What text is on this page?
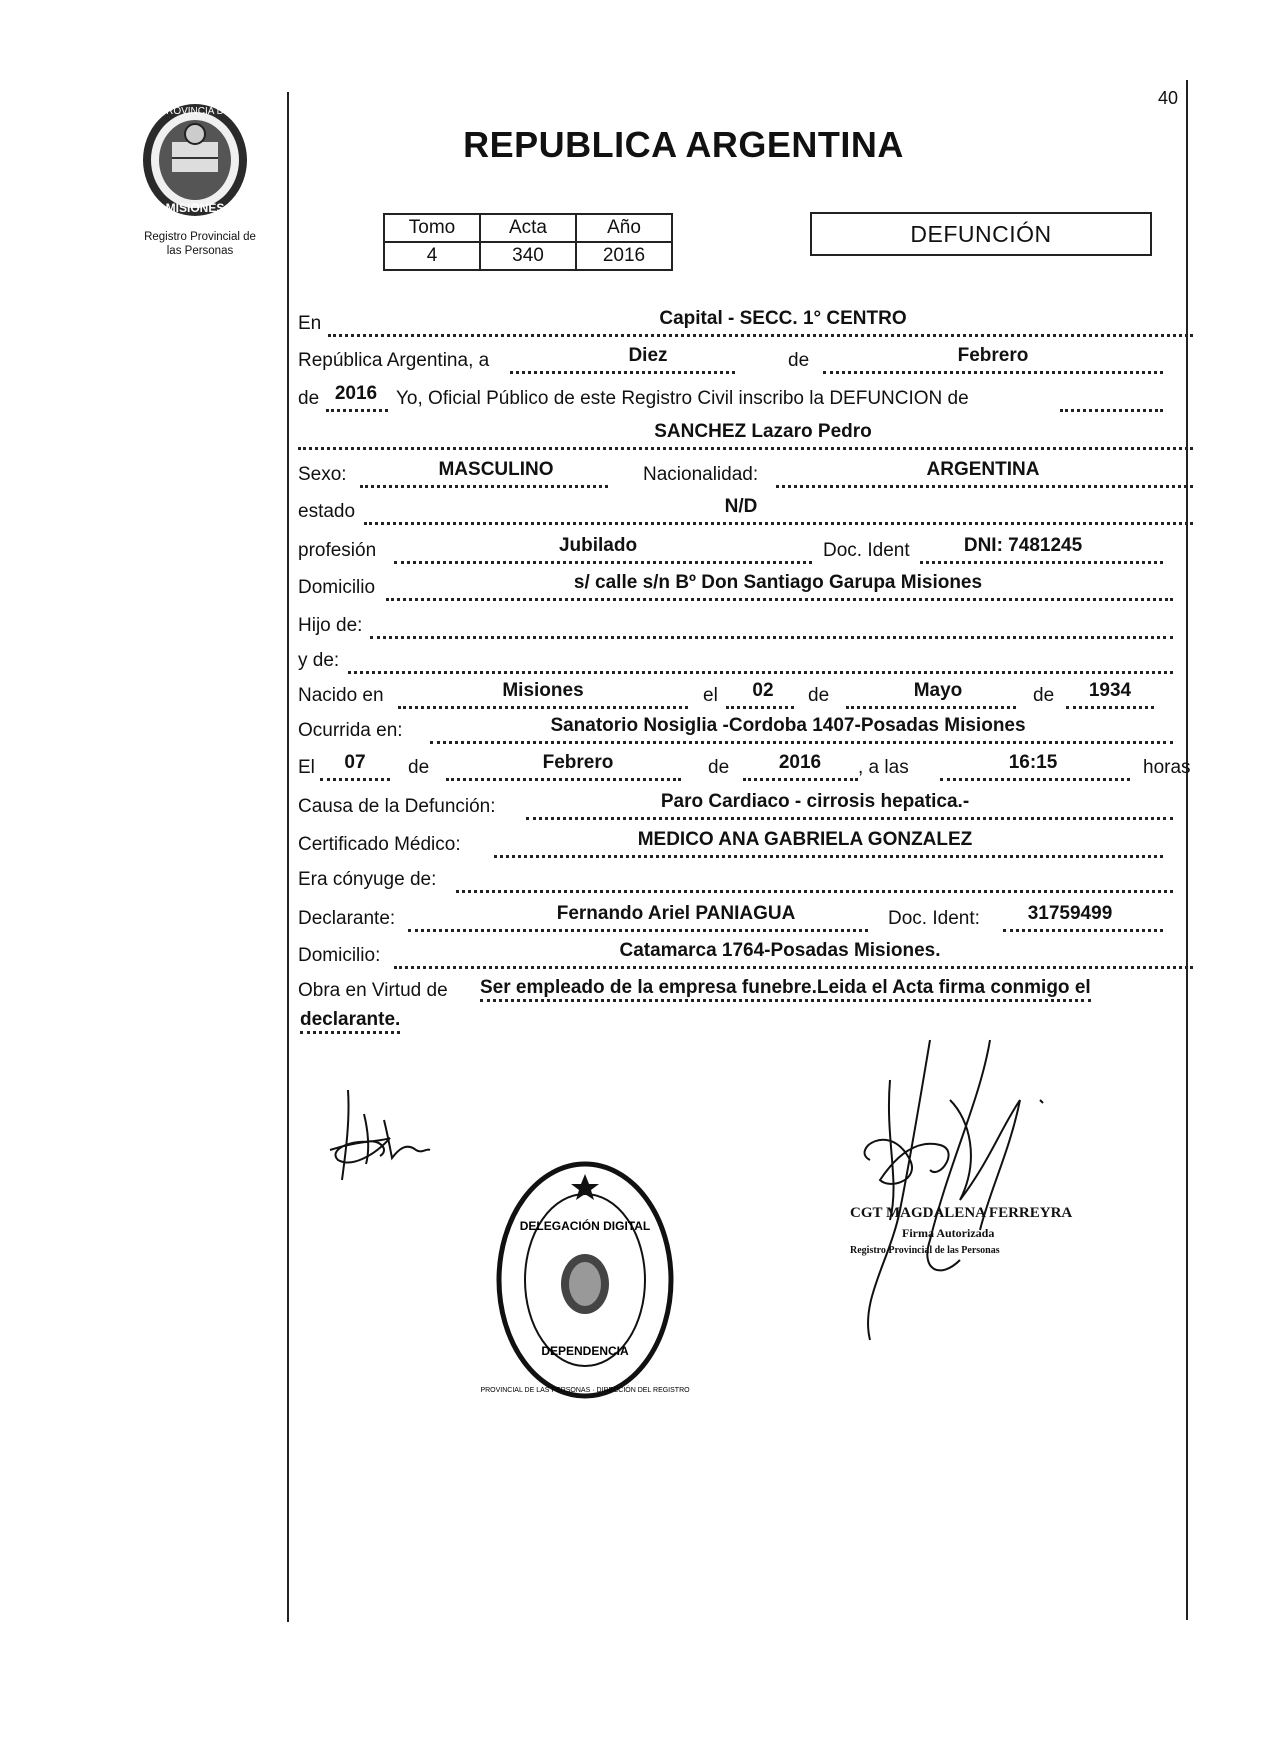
40
PROVINCIA DE
MISIONES
Registro Provincial de
las Personas
REPUBLICA ARGENTINA
Tomo	Acta	Año
4	340	2016
DEFUNCIÓN
En	Capital - SECC. 1° CENTRO
República Argentina, a	Diez	de	Febrero
de 2016 Yo, Oficial Público de este Registro Civil inscribo la DEFUNCION de
SANCHEZ Lazaro Pedro
Sexo:	MASCULINO	Nacionalidad:	ARGENTINA
estado	N/D
profesión	Jubilado	Doc. Ident	DNI: 7481245
Domicilio	s/ calle s/n Bº Don Santiago Garupa Misiones
Hijo de:
y de:
Nacido en	Misiones	el 02 de	Mayo	de 1934
Ocurrida en:	Sanatorio Nosiglia -Cordoba 1407-Posadas Misiones
El 07 de	Febrero	de	2016 , a las	16:15	horas
Causa de la Defunción:	Paro Cardiaco - cirrosis hepatica.-
Certificado Médico:	MEDICO ANA GABRIELA GONZALEZ
Era cónyuge de:
Declarante:	Fernando Ariel PANIAGUA	Doc. Ident:	31759499
Domicilio:	Catamarca 1764-Posadas Misiones.
Obra en Virtud de Ser empleado de la empresa funebre.Leida el Acta firma conmigo el
declarante.
DELEGACIÓN DIGITAL
DEPENDENCIA
PROVINCIAL DE LAS PERSONAS · DIRECCIÓN DEL REGISTRO
CGT MAGDALENA FERREYRA
Firma Autorizada
Registro Provincial de las Personas
